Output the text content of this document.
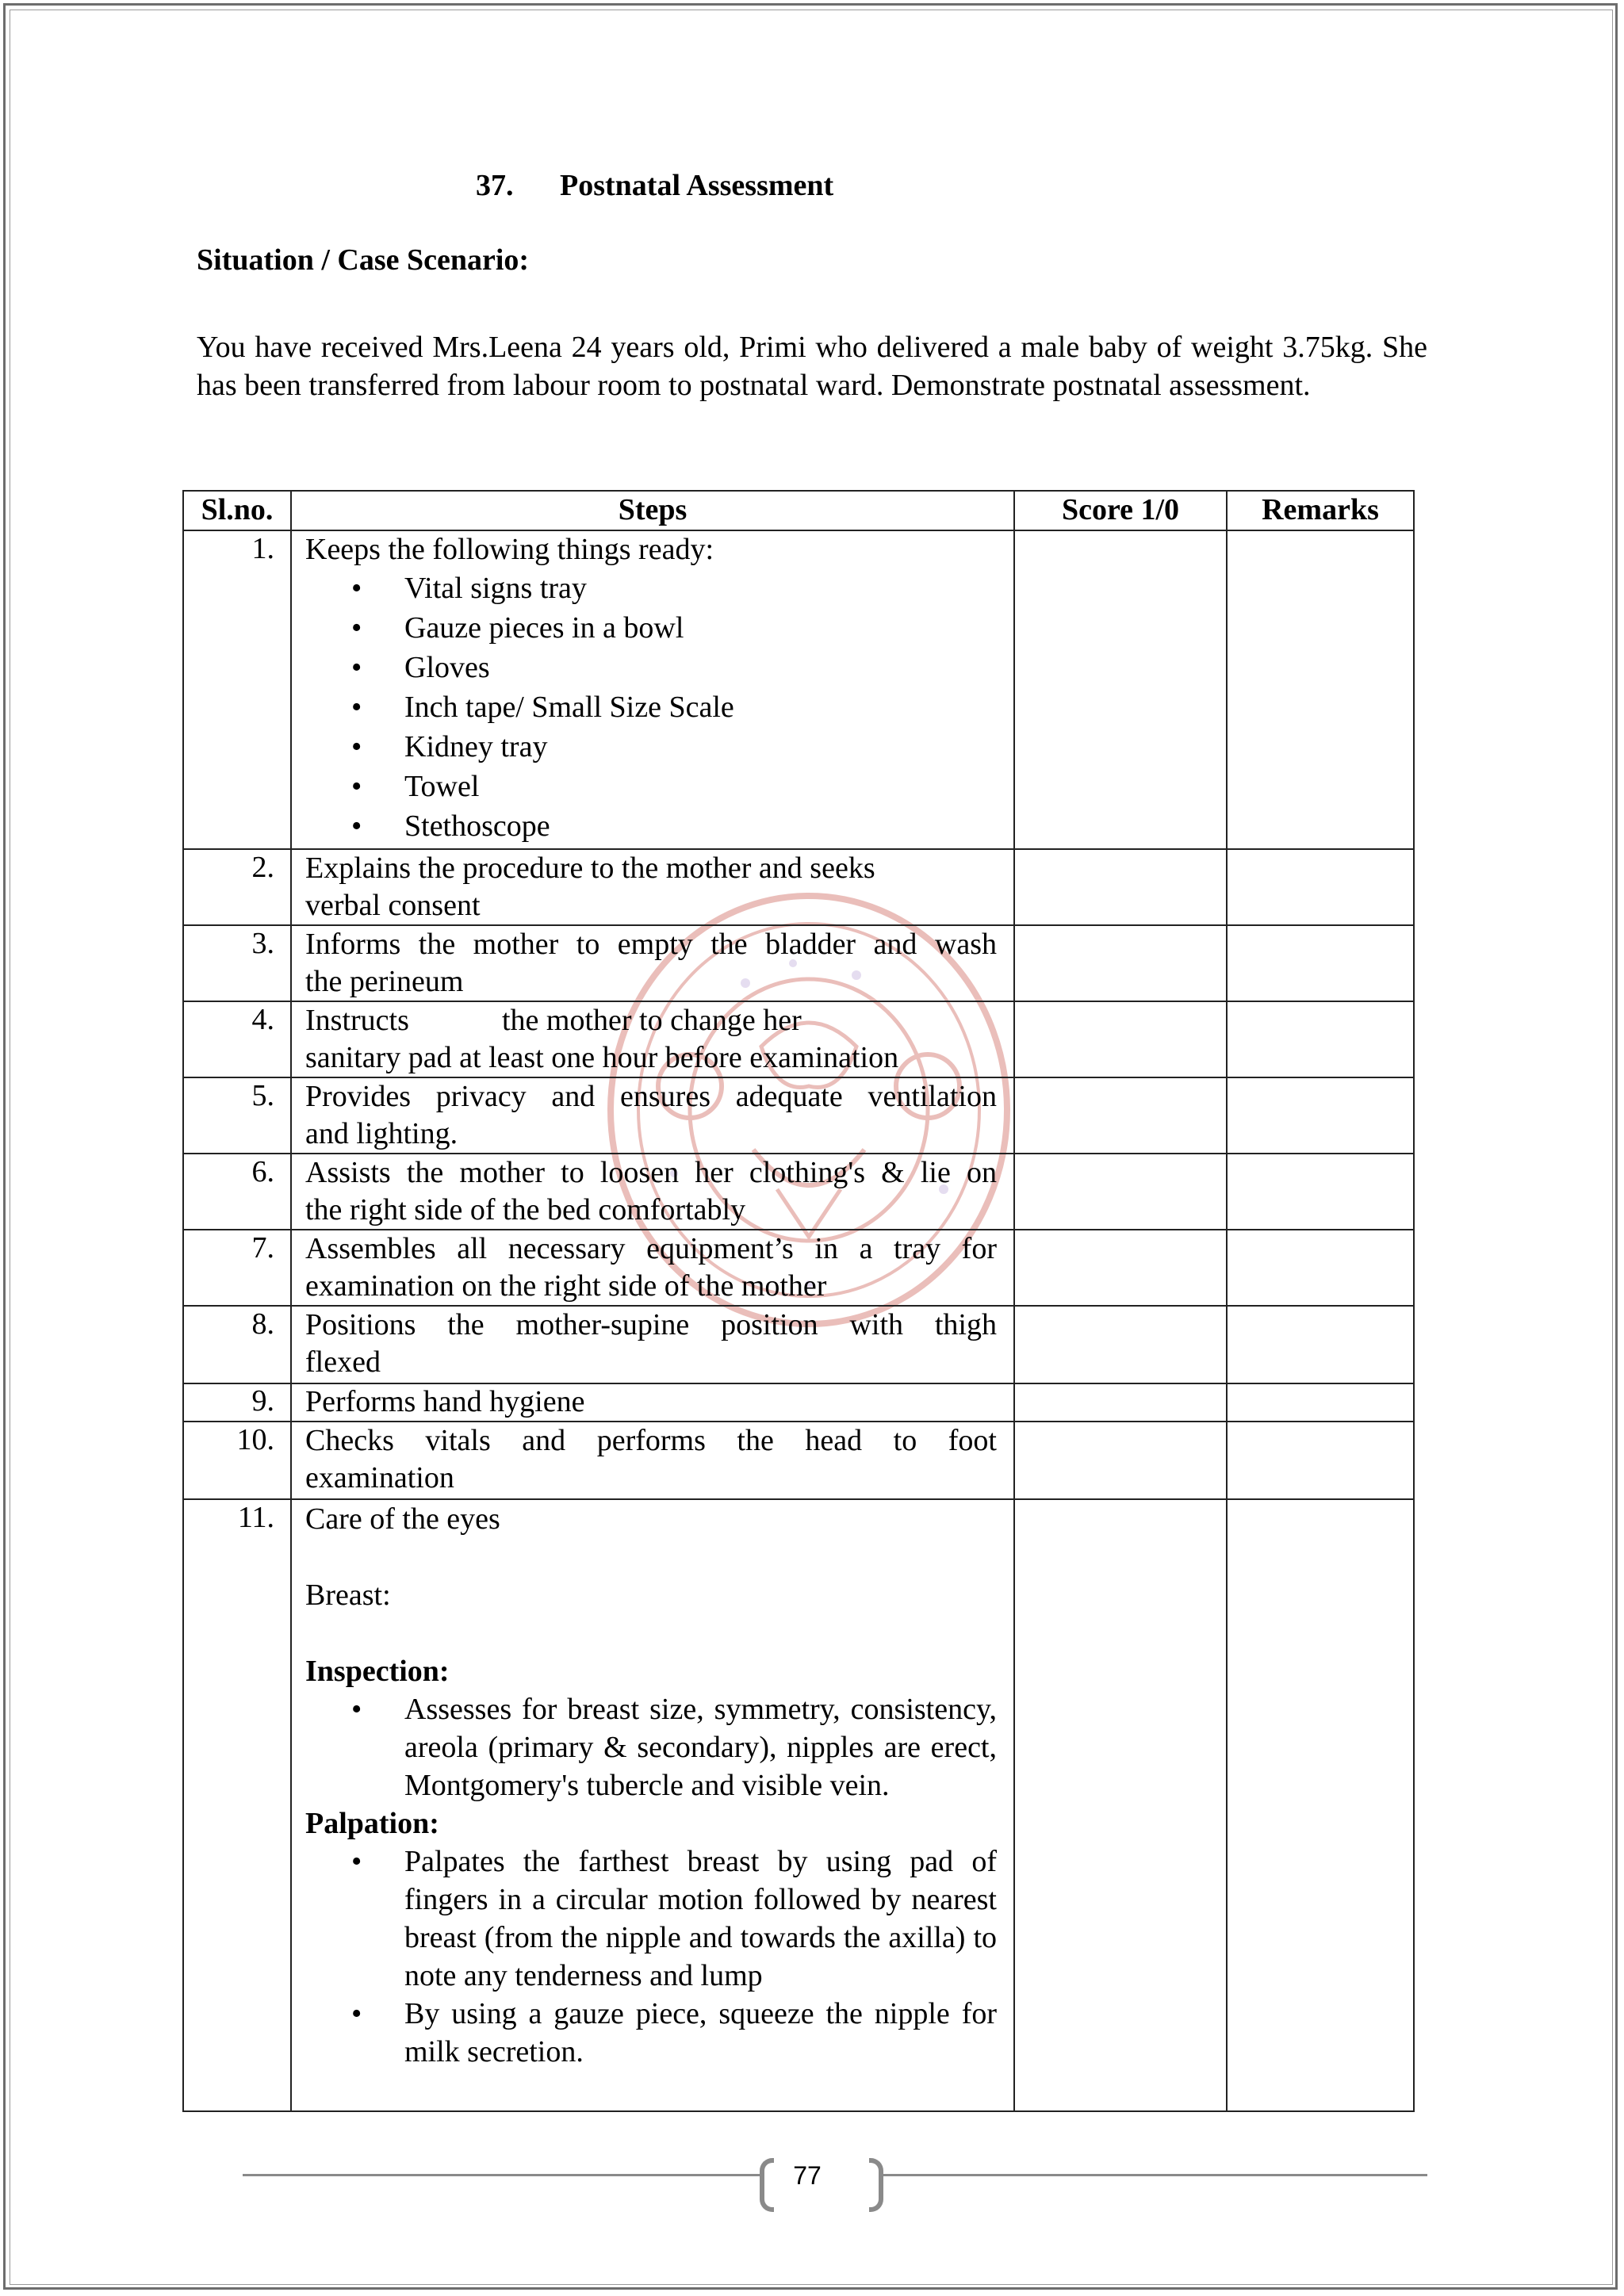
37. Postnatal Assessment
Situation / Case Scenario:
You have received Mrs.Leena 24 years old, Primi who delivered a male baby of weight 3.75kg. She has been transferred from labour room to postnatal ward. Demonstrate postnatal assessment.
Sl.no.	Steps	Score 1/0	Remarks
1. Keeps the following things ready:
• Vital signs tray
• Gauze pieces in a bowl
• Gloves
• Inch tape/ Small Size Scale
• Kidney tray
• Towel
• Stethoscope
2. Explains the procedure to the mother and seeks
verbal consent
3. Informs the mother to empty the bladder and wash
the perineum
4. Instructs	the mother to change her
sanitary pad at least one hour before examination
5. Provides privacy and ensures adequate ventilation
and lighting.
6. Assists the mother to loosen her clothing's & lie on
the right side of the bed comfortably
7. Assembles all necessary equipment’s in a tray for
examination on the right side of the mother
8. Positions the mother-supine position with thigh
flexed
9. Performs hand hygiene
10. Checks vitals and performs the head to foot
examination
11. Care of the eyes
Breast:
Inspection:
• Assesses for breast size, symmetry, consistency, areola (primary & secondary), nipples are erect, Montgomery's tubercle and visible vein.
Palpation:
• Palpates the farthest breast by using pad of fingers in a circular motion followed by nearest breast (from the nipple and towards the axilla) to note any tenderness and lump
• By using a gauze piece, squeeze the nipple for milk secretion.
77
